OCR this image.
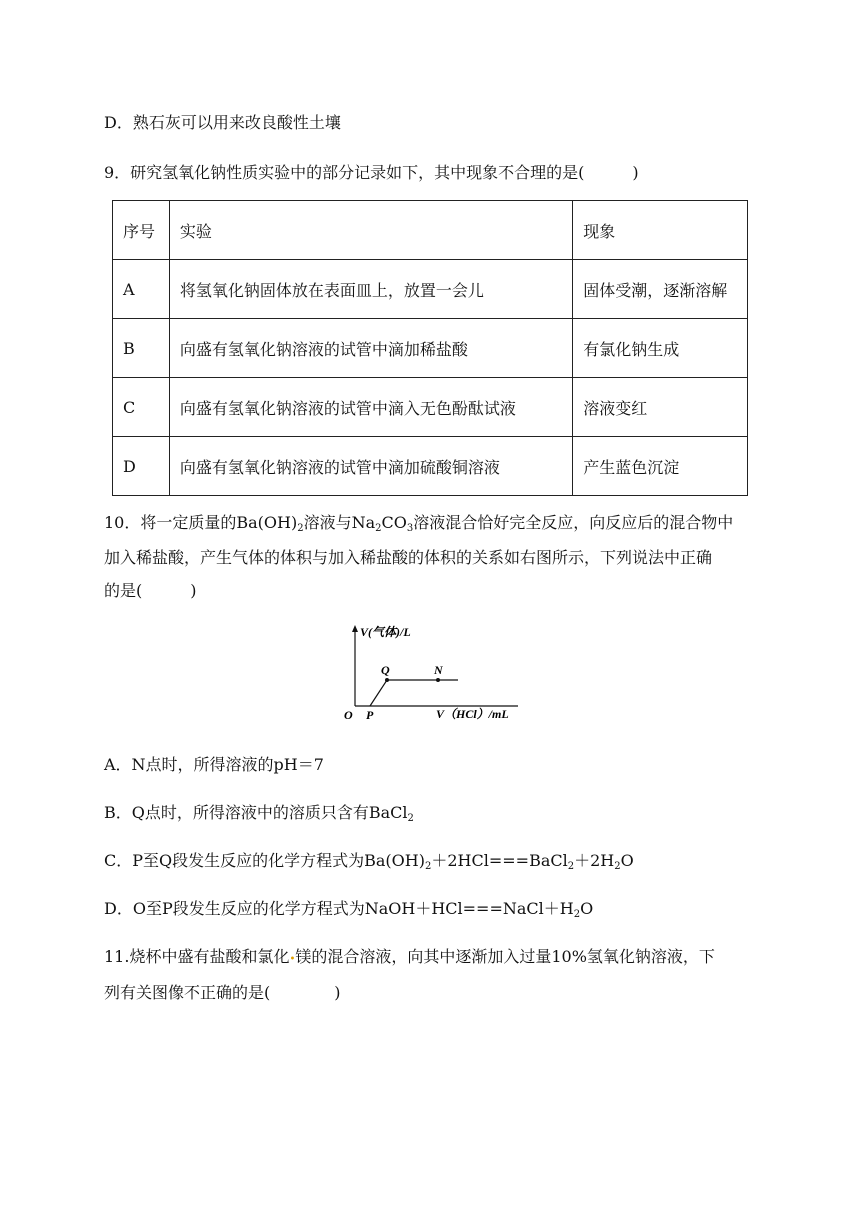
D．熟石灰可以用来改良酸性土壤
9．研究氢氧化钠性质实验中的部分记录如下，其中现象不合理的是(　　　)
序号	实验	现象
A	将氢氧化钠固体放在表面皿上，放置一会儿	固体受潮，逐渐溶解
B	向盛有氢氧化钠溶液的试管中滴加稀盐酸	有氯化钠生成
C	向盛有氢氧化钠溶液的试管中滴入无色酚酞试液	溶液变红
D	向盛有氢氧化钠溶液的试管中滴加硫酸铜溶液	产生蓝色沉淀
10．将一定质量的$Ba(OH)_2$溶液与$Na_2CO_3$溶液混合恰好完全反应，向反应后的混合物中
加入稀盐酸，产生气体的体积与加入稀盐酸的体积的关系如右图所示，下列说法中正确
的是(　　　)
V(气体)/L
Q	N
O P	V（HCl）/mL
A．N点时，所得溶液的pH＝7
B．Q点时，所得溶液中的溶质只含有BaCl$_2$
C．P至Q段发生反应的化学方程式为$Ba(OH)_2+2HCl===BaCl_2+2H_2O$
D．O至P段发生反应的化学方程式为$NaOH+HCl===NaCl+H_2O$
11.烧杯中盛有盐酸和氯化•镁的混合溶液，向其中逐渐加入过量10%氢氧化钠溶液，下
列有关图像不正确的是(　　　　)
